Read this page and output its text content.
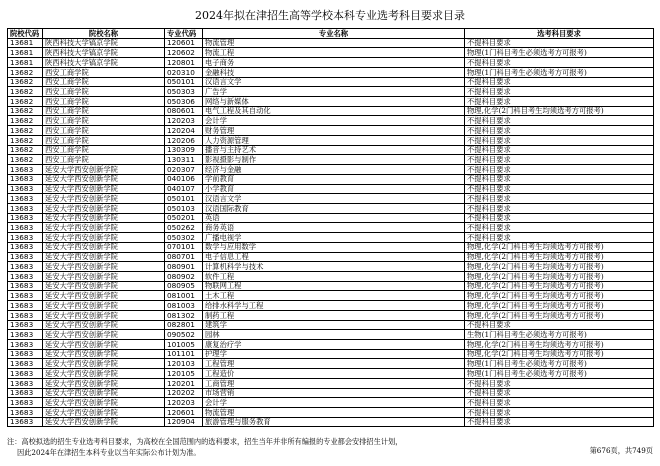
2024年拟在津招生高等学校本科专业选考科目要求目录
院校代码	院校名称	专业代码	专业名称	选考科目要求
13681	陕西科技大学镐京学院	120601	物流管理	不提科目要求
13681	陕西科技大学镐京学院	120602	物流工程	物理(1门科目考生必须选考方可报考)
13681	陕西科技大学镐京学院	120801	电子商务	不提科目要求
13682	西安工商学院	020310	金融科技	物理(1门科目考生必须选考方可报考)
13682	西安工商学院	050101	汉语言文学	不提科目要求
13682	西安工商学院	050303	广告学	不提科目要求
13682	西安工商学院	050306	网络与新媒体	不提科目要求
13682	西安工商学院	080601	电气工程及其自动化	物理,化学(2门科目考生均须选考方可报考)
13682	西安工商学院	120203	会计学	不提科目要求
13682	西安工商学院	120204	财务管理	不提科目要求
13682	西安工商学院	120206	人力资源管理	不提科目要求
13682	西安工商学院	130309	播音与主持艺术	不提科目要求
13682	西安工商学院	130311	影视摄影与制作	不提科目要求
13683	延安大学西安创新学院	020307	经济与金融	不提科目要求
13683	延安大学西安创新学院	040106	学前教育	不提科目要求
13683	延安大学西安创新学院	040107	小学教育	不提科目要求
13683	延安大学西安创新学院	050101	汉语言文学	不提科目要求
13683	延安大学西安创新学院	050103	汉语国际教育	不提科目要求
13683	延安大学西安创新学院	050201	英语	不提科目要求
13683	延安大学西安创新学院	050262	商务英语	不提科目要求
13683	延安大学西安创新学院	050302	广播电视学	不提科目要求
13683	延安大学西安创新学院	070101	数学与应用数学	物理,化学(2门科目考生均须选考方可报考)
13683	延安大学西安创新学院	080701	电子信息工程	物理,化学(2门科目考生均须选考方可报考)
13683	延安大学西安创新学院	080901	计算机科学与技术	物理,化学(2门科目考生均须选考方可报考)
13683	延安大学西安创新学院	080902	软件工程	物理,化学(2门科目考生均须选考方可报考)
13683	延安大学西安创新学院	080905	物联网工程	物理,化学(2门科目考生均须选考方可报考)
13683	延安大学西安创新学院	081001	土木工程	物理,化学(2门科目考生均须选考方可报考)
13683	延安大学西安创新学院	081003	给排水科学与工程	物理,化学(2门科目考生均须选考方可报考)
13683	延安大学西安创新学院	081302	制药工程	物理,化学(2门科目考生均须选考方可报考)
13683	延安大学西安创新学院	082801	建筑学	不提科目要求
13683	延安大学西安创新学院	090502	园林	生物(1门科目考生必须选考方可报考)
13683	延安大学西安创新学院	101005	康复治疗学	物理,化学(2门科目考生均须选考方可报考)
13683	延安大学西安创新学院	101101	护理学	物理,化学(2门科目考生均须选考方可报考)
13683	延安大学西安创新学院	120103	工程管理	物理(1门科目考生必须选考方可报考)
13683	延安大学西安创新学院	120105	工程造价	物理(1门科目考生必须选考方可报考)
13683	延安大学西安创新学院	120201	工商管理	不提科目要求
13683	延安大学西安创新学院	120202	市场营销	不提科目要求
13683	延安大学西安创新学院	120203	会计学	不提科目要求
13683	延安大学西安创新学院	120601	物流管理	不提科目要求
13683	延安大学西安创新学院	120904	旅游管理与服务教育	不提科目要求
注：高校拟选的招生专业选考科目要求，为高校在全国范围内的选科要求，招生当年并非所有编报的专业都会安排招生计划，
因此2024年在津招生本科专业以当年实际公布计划为准。	第676页，共749页
